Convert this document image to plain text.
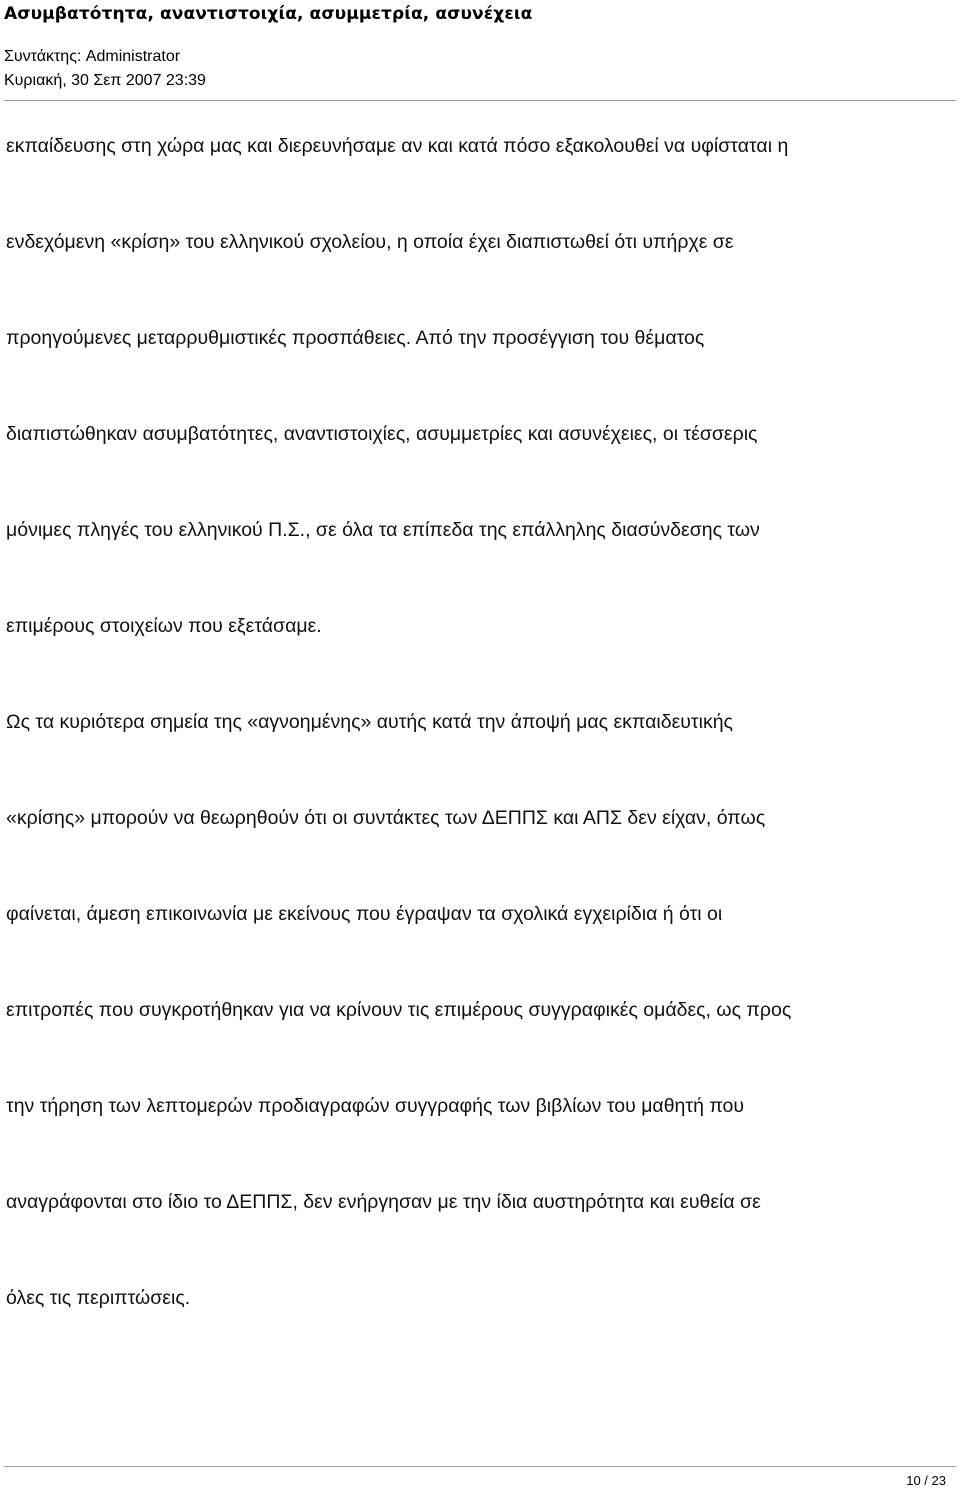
Ασυμβατότητα, αναντιστοιχία, ασυμμετρία, ασυνέχεια
Συντάκτης: Administrator
Κυριακή, 30 Σεπ 2007 23:39
εκπαίδευσης στη χώρα μας και διερευνήσαμε αν και κατά πόσο εξακολουθεί να υφίσταται η
ενδεχόμενη «κρίση» του ελληνικού σχολείου, η οποία έχει διαπιστωθεί ότι υπήρχε σε
προηγούμενες μεταρρυθμιστικές προσπάθειες. Από την προσέγγιση του θέματος
διαπιστώθηκαν ασυμβατότητες, αναντιστοιχίες, ασυμμετρίες και ασυνέχειες, οι τέσσερις
μόνιμες πληγές του ελληνικού Π.Σ., σε όλα τα επίπεδα της επάλληλης διασύνδεσης των
επιμέρους στοιχείων που εξετάσαμε.
Ως τα κυριότερα σημεία της «αγνοημένης» αυτής κατά την άποψή μας εκπαιδευτικής
«κρίσης» μπορούν να θεωρηθούν ότι οι συντάκτες των ΔΕΠΠΣ και ΑΠΣ δεν είχαν, όπως
φαίνεται, άμεση επικοινωνία με εκείνους που έγραψαν τα σχολικά εγχειρίδια ή ότι οι
επιτροπές που συγκροτήθηκαν για να κρίνουν τις επιμέρους συγγραφικές ομάδες, ως προς
την τήρηση των λεπτομερών προδιαγραφών συγγραφής των βιβλίων του μαθητή που
αναγράφονται στο ίδιο το ΔΕΠΠΣ, δεν ενήργησαν με την ίδια αυστηρότητα και ευθεία σε
όλες τις περιπτώσεις.
10 / 23
